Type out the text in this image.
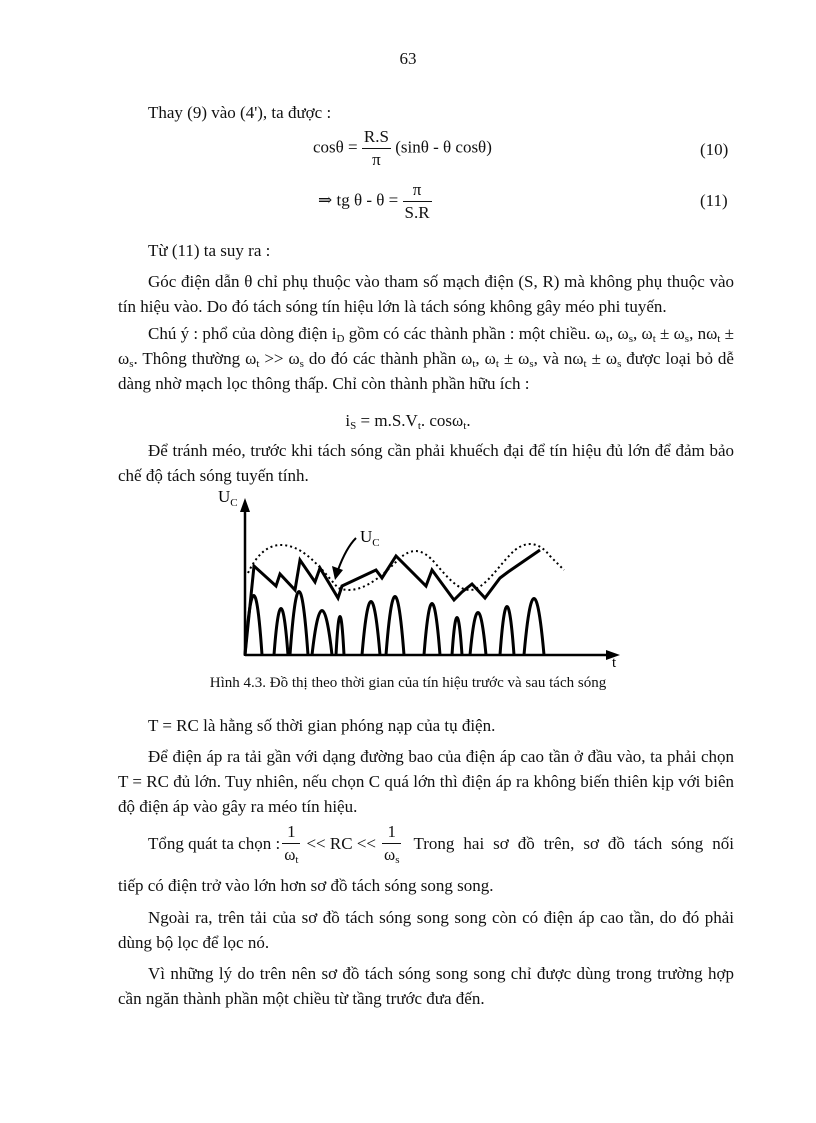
63
Thay (9) vào (4'), ta được :
$\cos\theta = \frac{R.S}{\pi} (\sin\theta - \theta$ cosθ)	(10)
⇒ tg $\theta - \theta = \frac{\pi}{S.R}$	(11)
Từ (11) ta suy ra :
Góc điện dẫn θ chỉ phụ thuộc vào tham số mạch điện (S, R) mà không phụ thuộc vào tín hiệu vào. Do đó tách sóng tín hiệu lớn là tách sóng không gây méo phi tuyến.
Chú ý : phổ của dòng điện $i_D$ gồm có các thành phần : một chiều. $\omega_t$, $\omega_s$, $\omega_t \pm \omega_s$, $n\omega_t \pm \omega_s$. Thông thường $\omega_t >> \omega_s$ do đó các thành phần $\omega_t$, $\omega_t \pm \omega_s$, và $n\omega_t \pm \omega_s$ được loại bỏ dễ dàng nhờ mạch lọc thông thấp. Chỉ còn thành phần hữu ích :
$i_S = m.S.V_t$. cosω$_t$.
Để tránh méo, trước khi tách sóng cần phải khuếch đại để tín hiệu đủ lớn để đảm bảo chế độ tách sóng tuyến tính.
$U_C$
$U_C$
t
Hình 4.3. Đồ thị theo thời gian của tín hiệu trước và sau tách sóng
T = RC là hằng số thời gian phóng nạp của tụ điện.
Để điện áp ra tải gần với dạng đường bao của điện áp cao tần ở đầu vào, ta phải chọn T = RC đủ lớn. Tuy nhiên, nếu chọn C quá lớn thì điện áp ra không biến thiên kịp với biên độ điện áp vào gây ra méo tín hiệu.
Tổng quát ta chọn : $\frac{1}{\omega_t}$ << RC << $\frac{1}{\omega_s}$ Trong hai sơ đồ trên, sơ đồ tách sóng nối
tiếp có điện trở vào lớn hơn sơ đồ tách sóng song song.
Ngoài ra, trên tải của sơ đồ tách sóng song song còn có điện áp cao tần, do đó phải dùng bộ lọc để lọc nó.
Vì những lý do trên nên sơ đồ tách sóng song song chỉ được dùng trong trường hợp cần ngăn thành phần một chiều từ tầng trước đưa đến.
